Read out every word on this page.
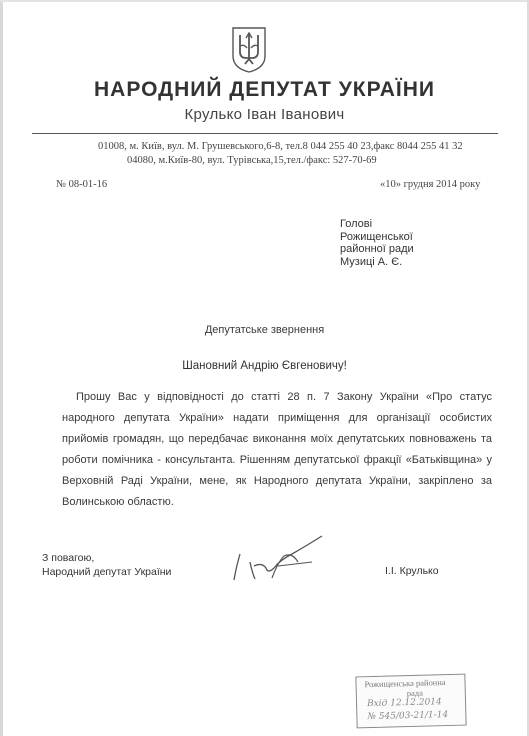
НАРОДНИЙ ДЕПУТАТ УКРАЇНИ
Крулько Іван Іванович
01008, м. Київ, вул. М. Грушевського,6-8, тел.8 044 255 40 23,факс 8044 255 41 32
04080, м.Київ-80, вул. Турівська,15,тел./факс: 527-70-69
№ 08-01-16	«10» грудня 2014 року
Голові
Рожищенської
районної ради
Музиці А. Є.
Депутатське звернення
Шановний Андрію Євгеновичу!

Прошу Вас у відповідності до статті 28 п. 7 Закону України «Про статус народного депутата України» надати приміщення для організації особистих прийомів громадян, що передбачає виконання моїх депутатських повноважень та роботи помічника - консультанта. Рішенням депутатської фракції «Батьківщина» у Верховній Раді України, мене, як Народного депутата України, закріплено за Волинською областю.

З повагою,
Народний депутат України	І.І. Крулько
Рожищенська районна
рада
Вхід 12.12.2014
№ 545/03-21/1-14
